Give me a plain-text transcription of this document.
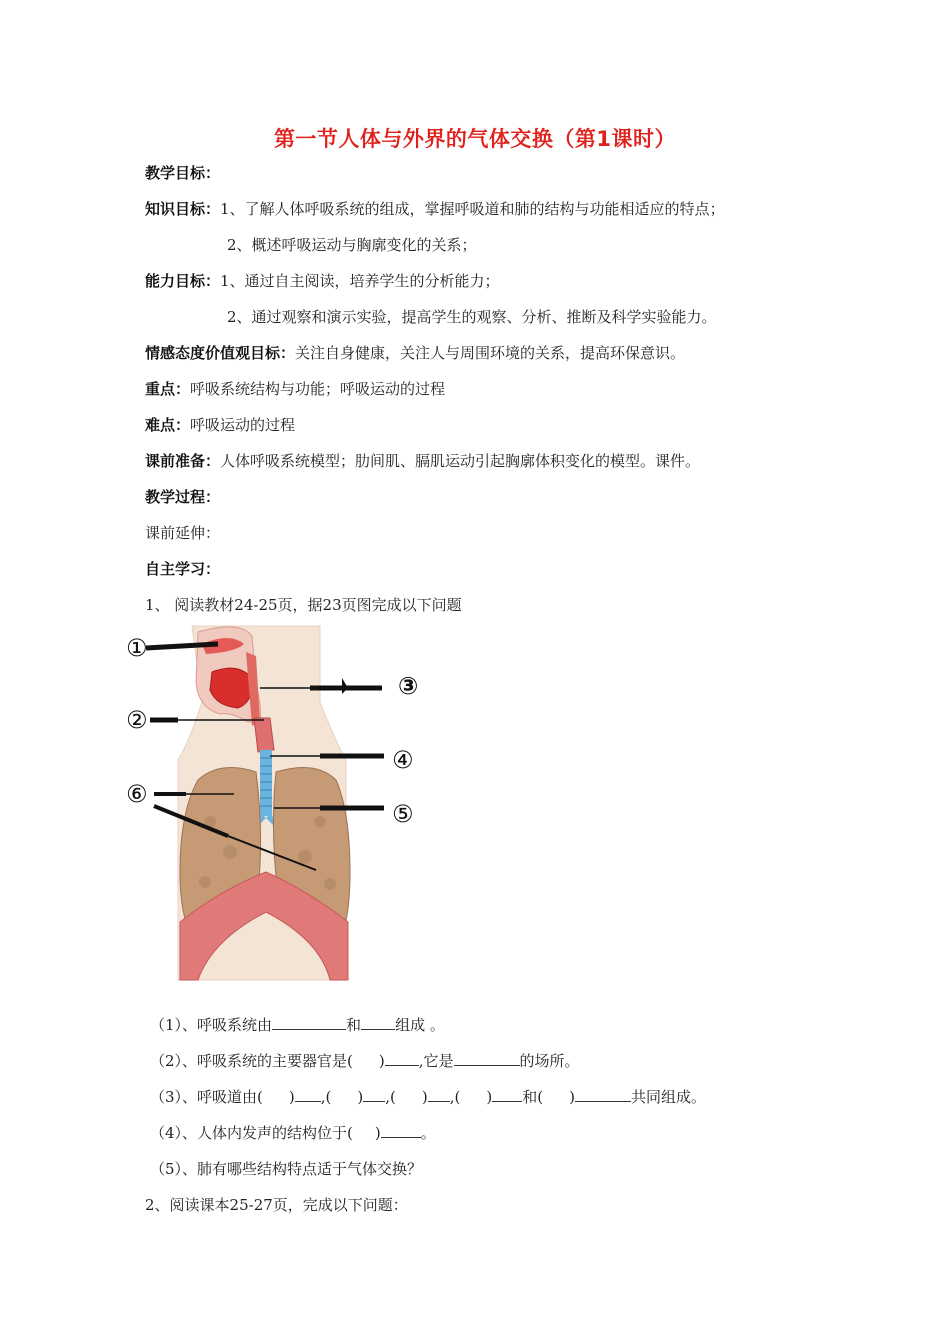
第一节人体与外界的气体交换（第1课时）
教学目标：
知识目标：1、了解人体呼吸系统的组成，掌握呼吸道和肺的结构与功能相适应的特点；
2、概述呼吸运动与胸廓变化的关系；
能力目标：1、通过自主阅读，培养学生的分析能力；
2、通过观察和演示实验，提高学生的观察、分析、推断及科学实验能力。
情感态度价值观目标：关注自身健康，关注人与周围环境的关系，提高环保意识。
重点：呼吸系统结构与功能；呼吸运动的过程
难点：呼吸运动的过程
课前准备：人体呼吸系统模型；肋间肌、膈肌运动引起胸廓体积变化的模型。课件。
教学过程：
课前延伸：
自主学习：
1、 阅读教材24-25页，据23页图完成以下问题
①
②
③
④
⑤
⑥
（1）、呼吸系统由	和 组成 。
（2）、呼吸系统的主要器官是( ) ,它是	的场所。
（3）、呼吸道由( ) ,( ) ,( ) ,( ) 和( )	共同组成。
（4）、人体内发声的结构位于( )	。
（5）、肺有哪些结构特点适于气体交换？
2、阅读课本25-27页，完成以下问题：
